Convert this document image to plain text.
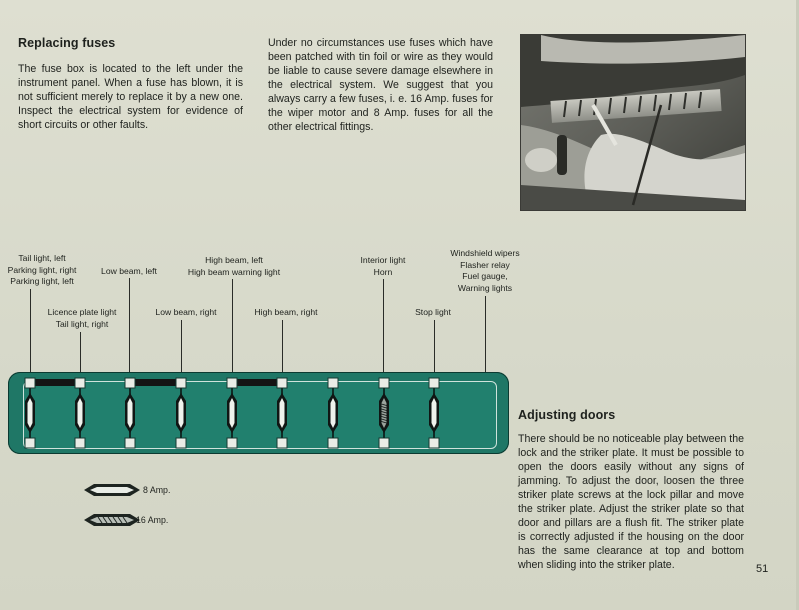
Replacing fuses
The fuse box is located to the left under the instrument panel. When a fuse has blown, it is not sufficient merely to replace it by a new one. Inspect the electrical system for evidence of short circuits or other faults.
Under no circumstances use fuses which have been patched with tin foil or wire as they would be liable to cause severe damage elsewhere in the electrical system. We suggest that you always carry a few fuses, i. e. 16 Amp. fuses for the wiper motor and 8 Amp. fuses for all the other electrical fittings.
Tail light, left
Parking light, right
Parking light, left
Licence plate light
Tail light, right
Low beam, left
Low beam, right
High beam, left
High beam warning light
High beam, right
Interior light
Horn
Stop light
Windshield wipers
Flasher relay
Fuel gauge,
Warning lights
8 Amp.
16 Amp.
Adjusting doors
There should be no noticeable play between the lock and the striker plate. It must be possible to open the doors easily without any signs of jamming. To adjust the door, loosen the three striker plate screws at the lock pillar and move the striker plate. Adjust the striker plate so that door and pillars are a flush fit. The striker plate is correctly adjusted if the housing on the door has the same clearance at top and bottom when sliding into the striker plate.	51
